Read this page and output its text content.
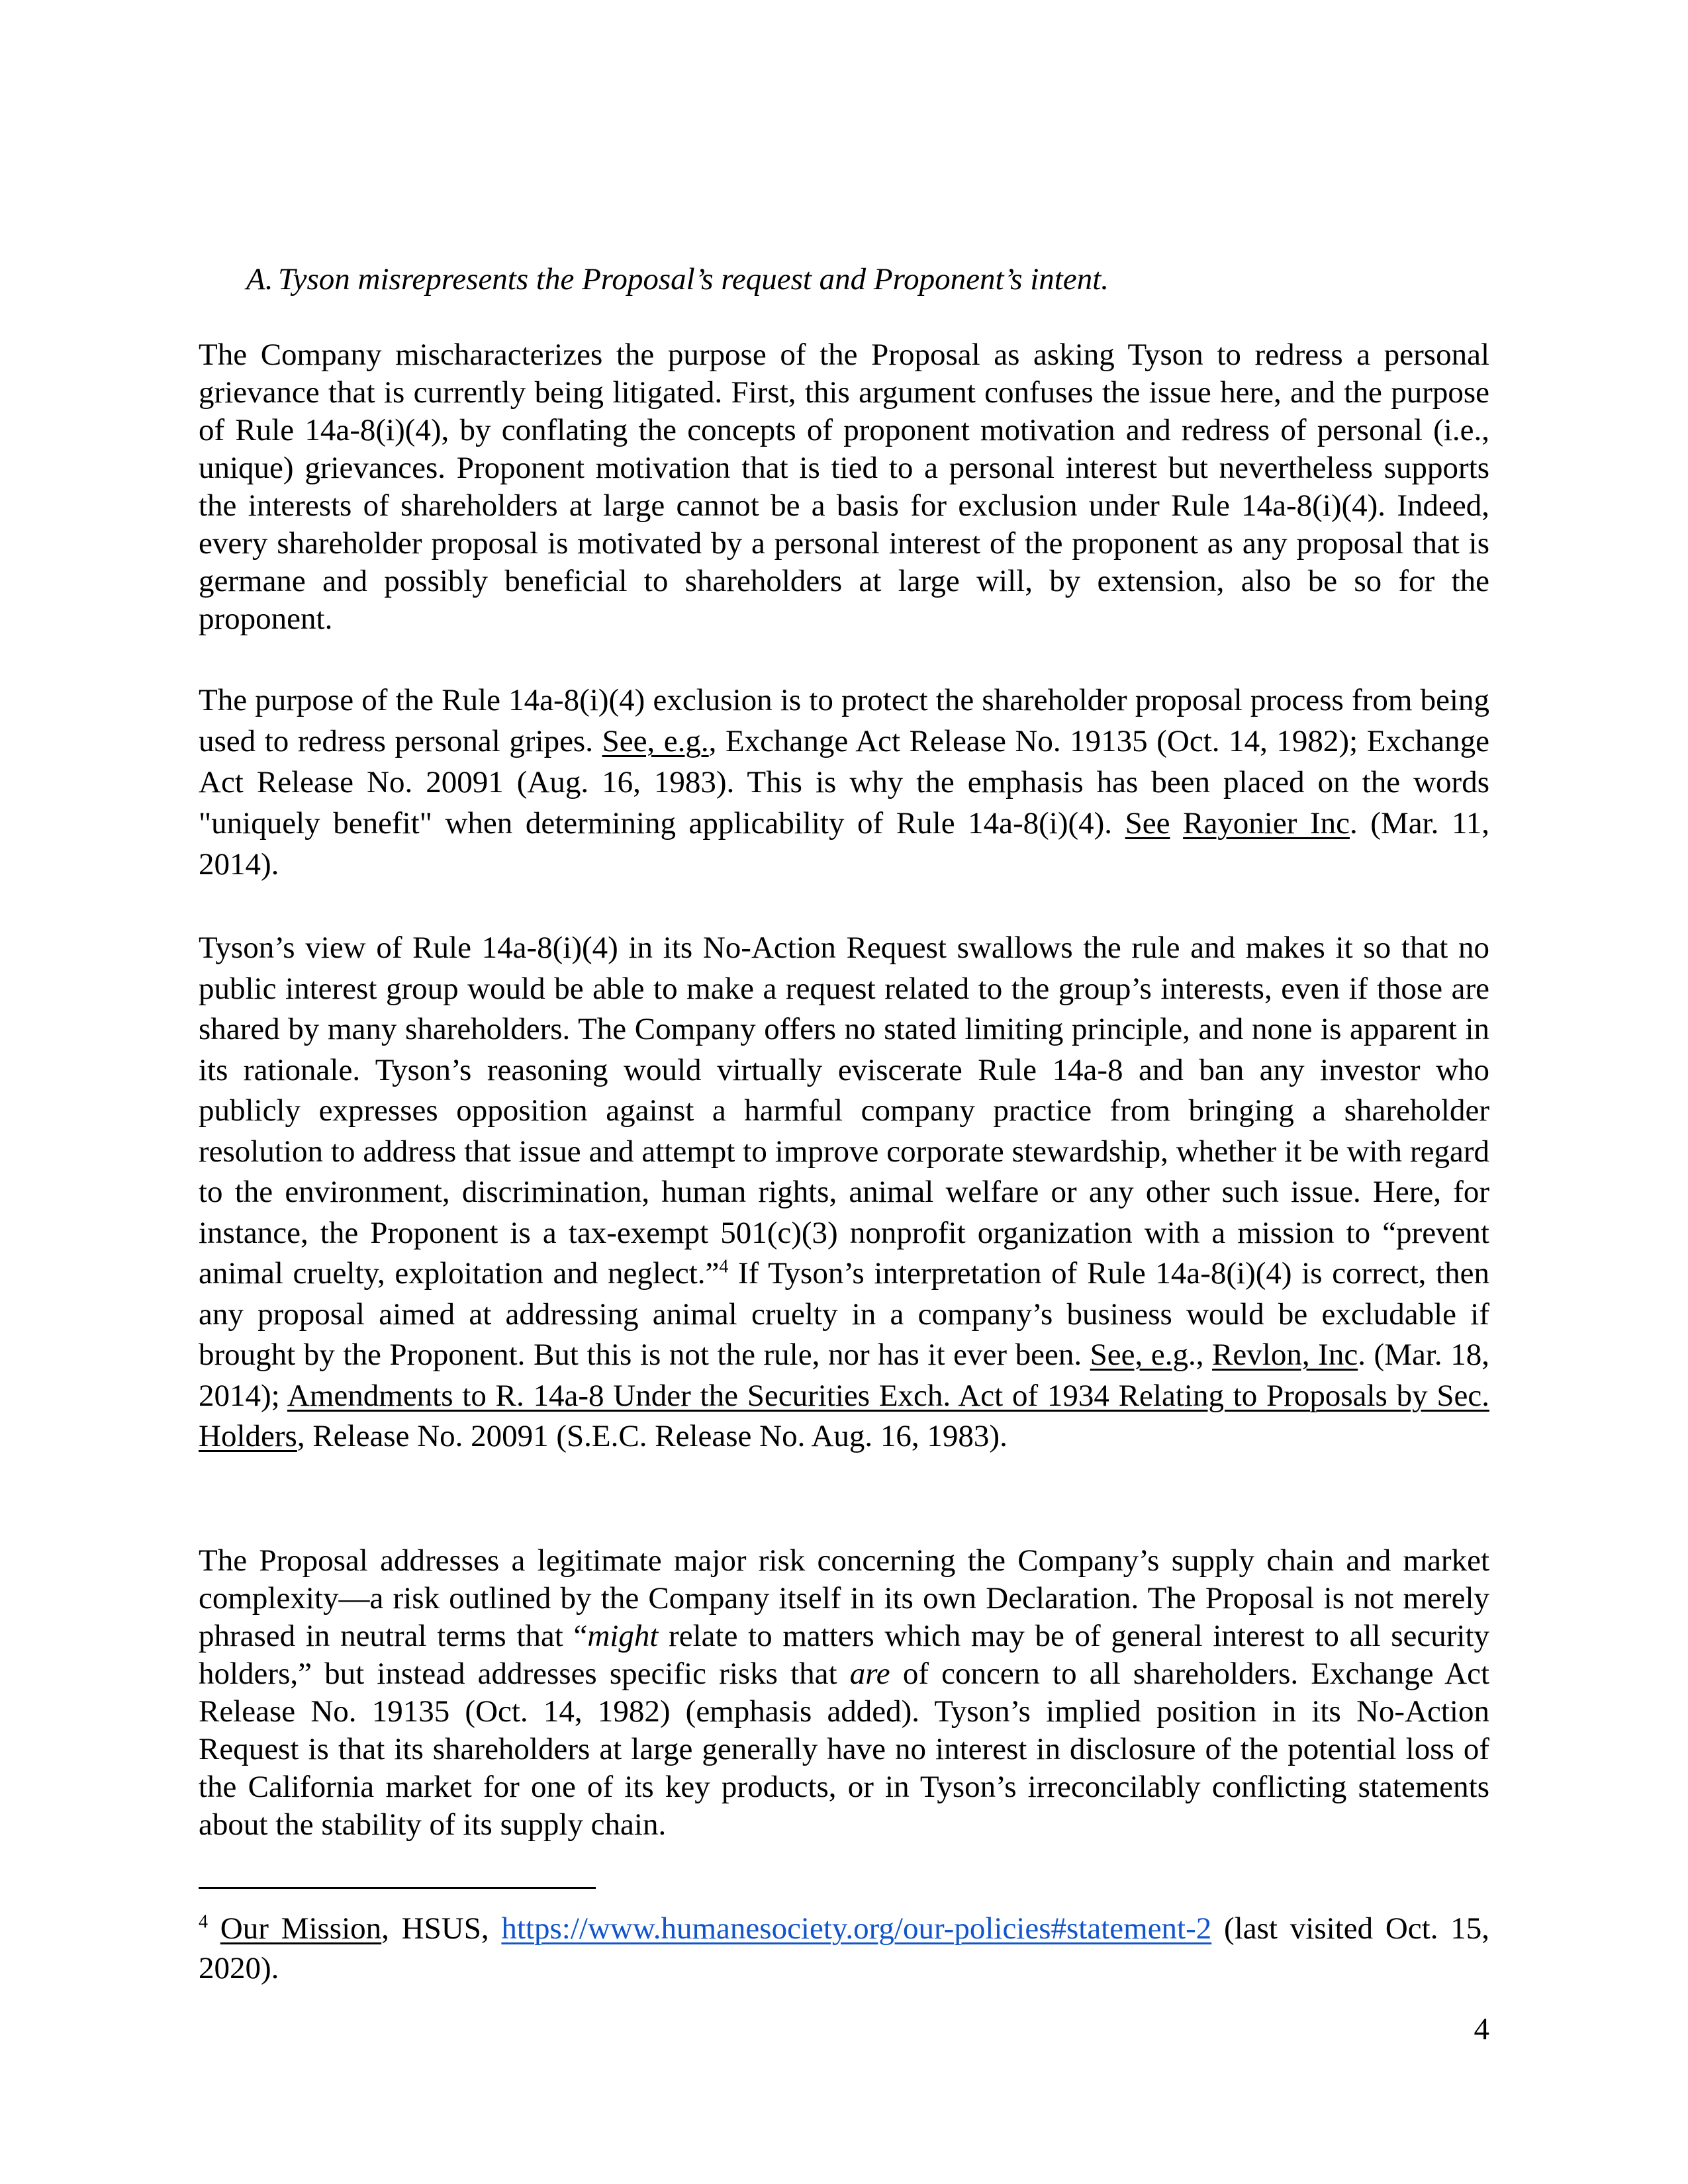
A. Tyson misrepresents the Proposal’s request and Proponent’s intent.

The Company mischaracterizes the purpose of the Proposal as asking Tyson to redress a personal grievance that is currently being litigated. First, this argument confuses the issue here, and the purpose of Rule 14a-8(i)(4), by conflating the concepts of proponent motivation and redress of personal (i.e., unique) grievances. Proponent motivation that is tied to a personal interest but nevertheless supports the interests of shareholders at large cannot be a basis for exclusion under Rule 14a-8(i)(4). Indeed, every shareholder proposal is motivated by a personal interest of the proponent as any proposal that is germane and possibly beneficial to shareholders at large will, by extension, also be so for the proponent.

The purpose of the Rule 14a-8(i)(4) exclusion is to protect the shareholder proposal process from being used to redress personal gripes. See, e.g., Exchange Act Release No. 19135 (Oct. 14, 1982); Exchange Act Release No. 20091 (Aug. 16, 1983). This is why the emphasis has been placed on the words "uniquely benefit" when determining applicability of Rule 14a-8(i)(4). See Rayonier Inc. (Mar. 11, 2014).

Tyson’s view of Rule 14a-8(i)(4) in its No-Action Request swallows the rule and makes it so that no public interest group would be able to make a request related to the group’s interests, even if those are shared by many shareholders. The Company offers no stated limiting principle, and none is apparent in its rationale. Tyson’s reasoning would virtually eviscerate Rule 14a-8 and ban any investor who publicly expresses opposition against a harmful company practice from bringing a shareholder resolution to address that issue and attempt to improve corporate stewardship, whether it be with regard to the environment, discrimination, human rights, animal welfare or any other such issue. Here, for instance, the Proponent is a tax-exempt 501(c)(3) nonprofit organization with a mission to “prevent animal cruelty, exploitation and neglect.”$^4$ If Tyson’s interpretation of Rule 14a-8(i)(4) is correct, then any proposal aimed at addressing animal cruelty in a company’s business would be excludable if brought by the Proponent. But this is not the rule, nor has it ever been. See, e.g., Revlon, Inc. (Mar. 18, 2014); Amendments to R. 14a-8 Under the Securities Exch. Act of 1934 Relating to Proposals by Sec. Holders, Release No. 20091 (S.E.C. Release No. Aug. 16, 1983).

The Proposal addresses a legitimate major risk concerning the Company’s supply chain and market complexity—a risk outlined by the Company itself in its own Declaration. The Proposal is not merely phrased in neutral terms that “might relate to matters which may be of general interest to all security holders,” but instead addresses specific risks that are of concern to all shareholders. Exchange Act Release No. 19135 (Oct. 14, 1982) (emphasis added). Tyson’s implied position in its No-Action Request is that its shareholders at large generally have no interest in disclosure of the potential loss of the California market for one of its key products, or in Tyson’s irreconcilably conflicting statements about the stability of its supply chain.

$^4$ Our Mission, HSUS, https://www.humanesociety.org/our-policies#statement-2 (last visited Oct. 15, 2020).

4
